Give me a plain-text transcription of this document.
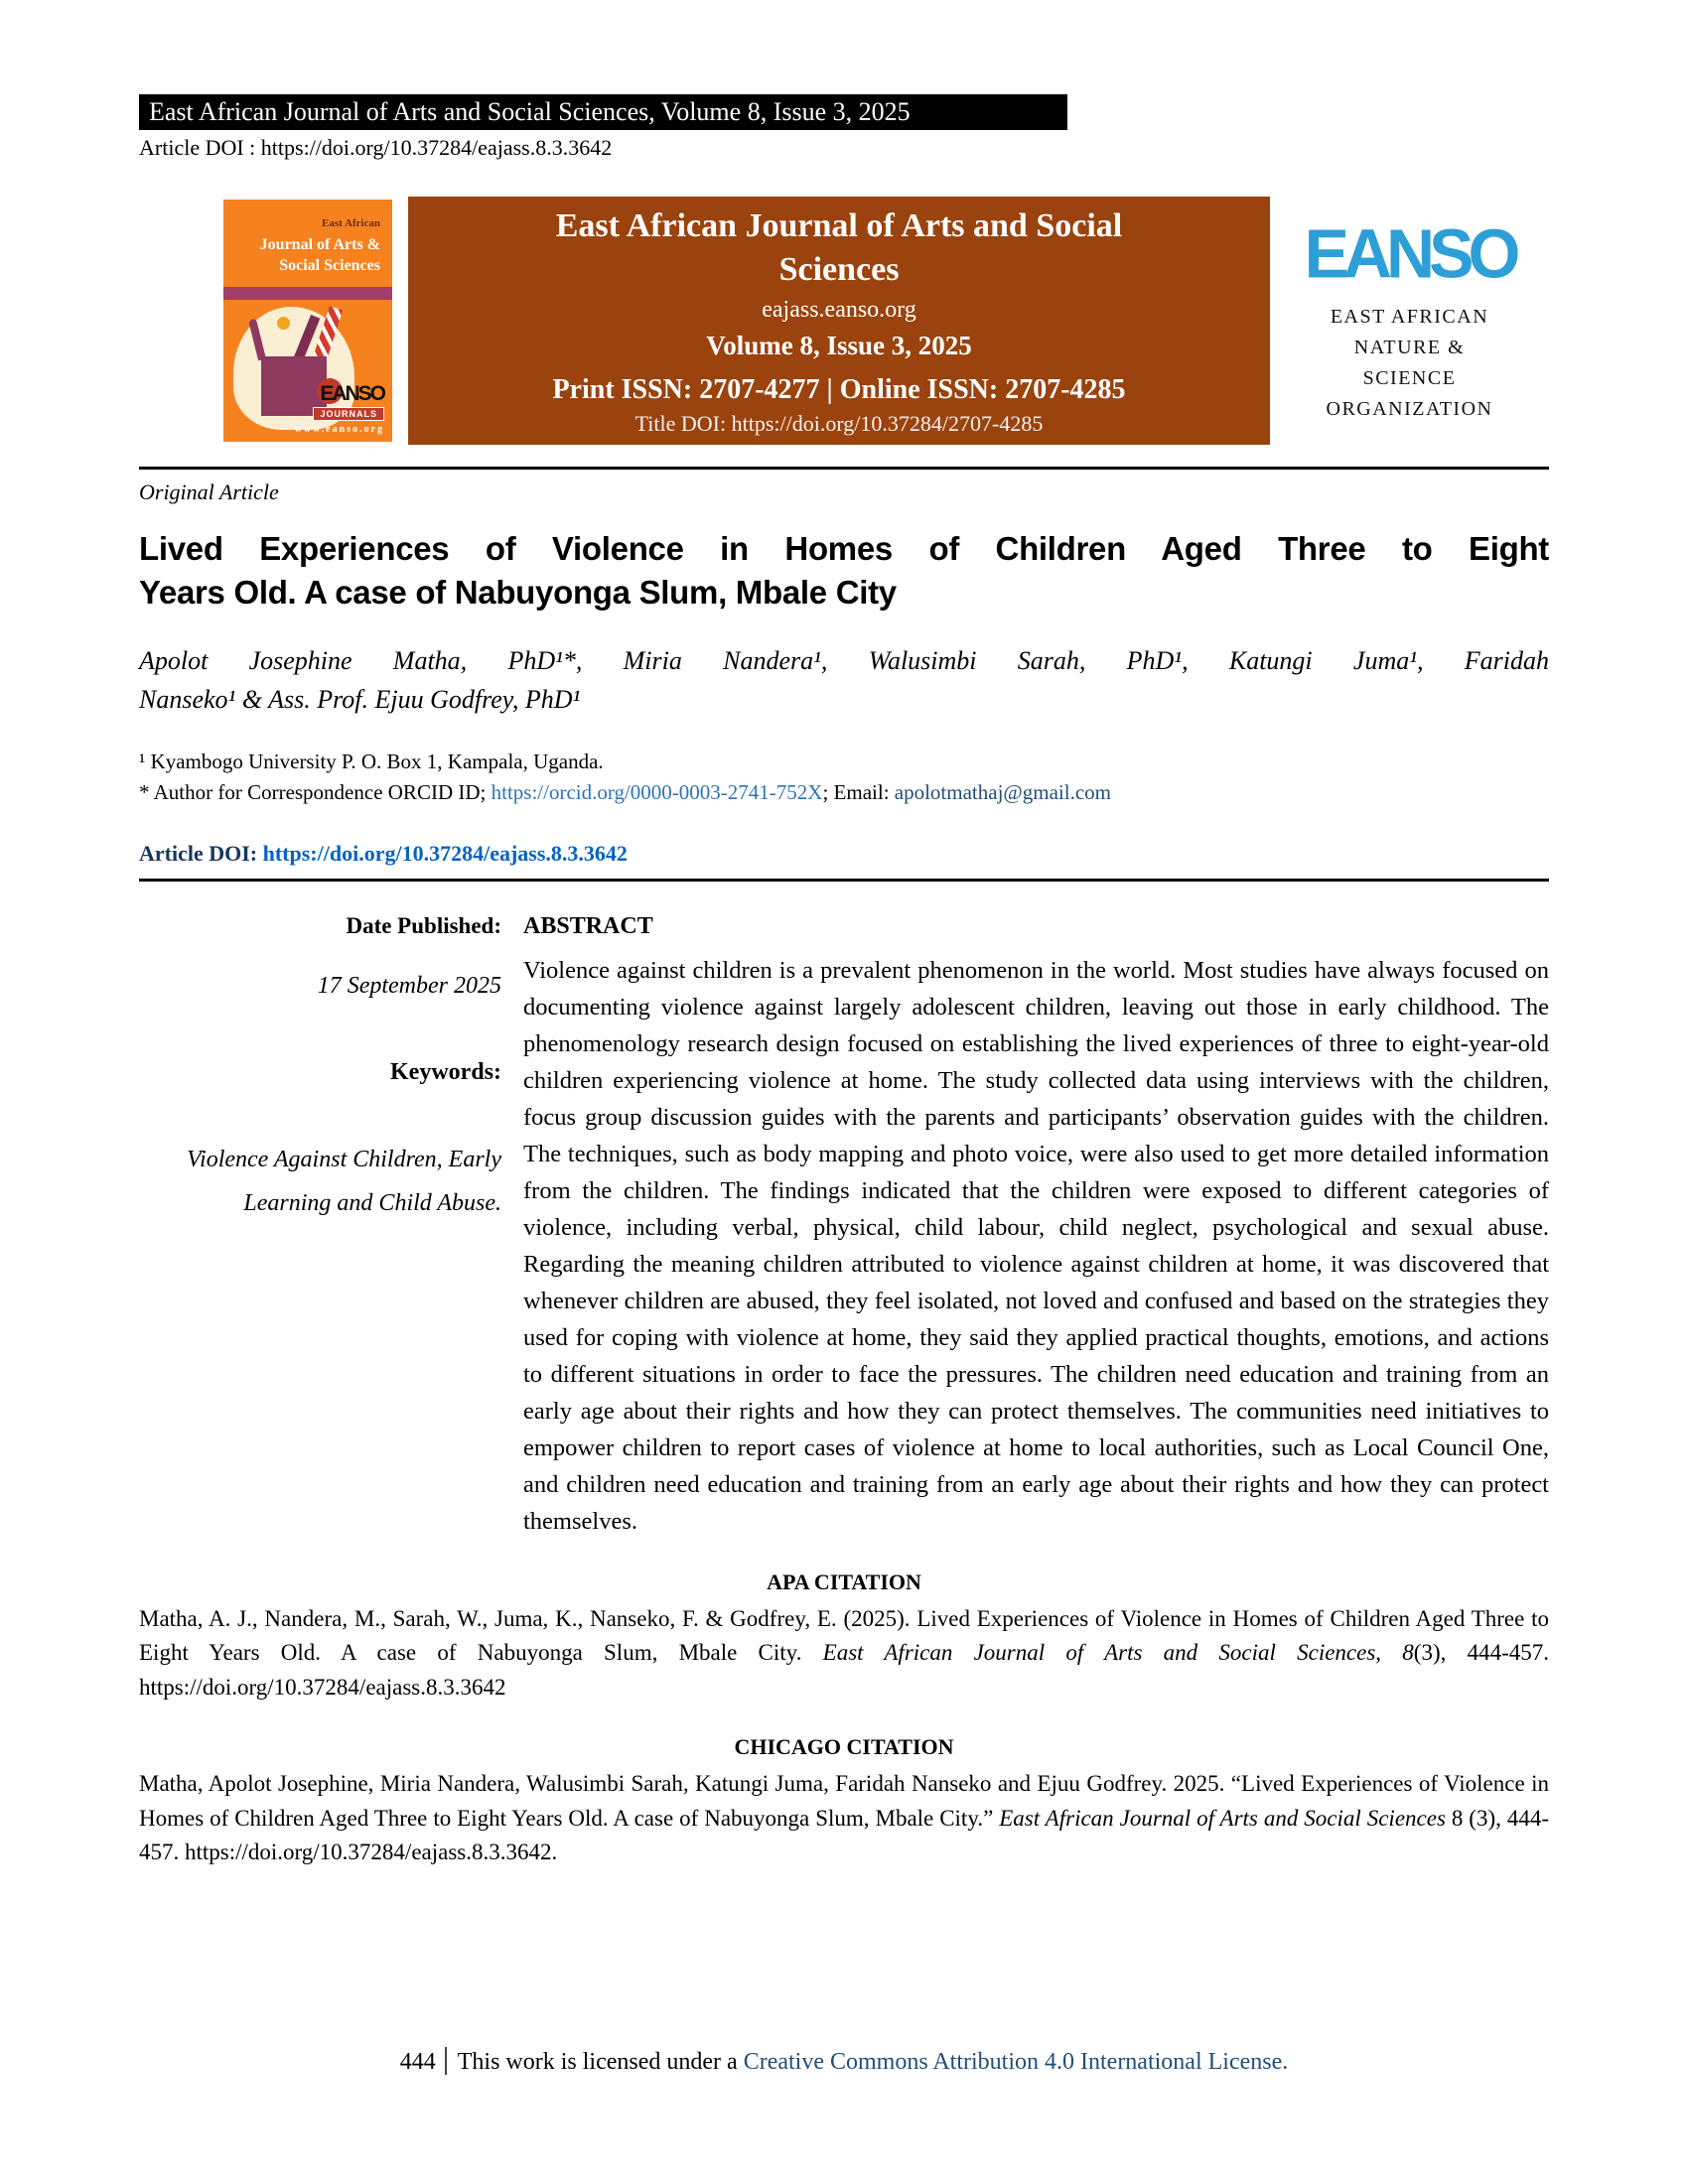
East African Journal of Arts and Social Sciences, Volume 8, Issue 3, 2025
Article DOI : https://doi.org/10.37284/eajass.8.3.3642
East African
Journal of Arts &
Social Sciences
EANSO
JOURNALS
www.eanso.org
East African Journal of Arts and Social
Sciences
eajass.eanso.org
Volume 8, Issue 3, 2025
Print ISSN: 2707-4277 | Online ISSN: 2707-4285
Title DOI: https://doi.org/10.37284/2707-4285
EANSO
EAST AFRICAN
NATURE &
SCIENCE
ORGANIZATION
Original Article
Lived Experiences of Violence in Homes of Children Aged Three to Eight
Years Old. A case of Nabuyonga Slum, Mbale City
Apolot Josephine Matha, PhD¹*, Miria Nandera¹, Walusimbi Sarah, PhD¹, Katungi Juma¹, Faridah
Nanseko¹ & Ass. Prof. Ejuu Godfrey, PhD¹
¹ Kyambogo University P. O. Box 1, Kampala, Uganda.
* Author for Correspondence ORCID ID; https://orcid.org/0000-0003-2741-752X; Email: apolotmathaj@gmail.com
Article DOI: https://doi.org/10.37284/eajass.8.3.3642
Date Published:
17 September 2025
Keywords:
Violence Against Children, Early Learning and Child Abuse.
ABSTRACT

Violence against children is a prevalent phenomenon in the world. Most studies have always focused on documenting violence against largely adolescent children, leaving out those in early childhood. The phenomenology research design focused on establishing the lived experiences of three to eight-year-old children experiencing violence at home. The study collected data using interviews with the children, focus group discussion guides with the parents and participants’ observation guides with the children. The techniques, such as body mapping and photo voice, were also used to get more detailed information from the children. The findings indicated that the children were exposed to different categories of violence, including verbal, physical, child labour, child neglect, psychological and sexual abuse. Regarding the meaning children attributed to violence against children at home, it was discovered that whenever children are abused, they feel isolated, not loved and confused and based on the strategies they used for coping with violence at home, they said they applied practical thoughts, emotions, and actions to different situations in order to face the pressures. The children need education and training from an early age about their rights and how they can protect themselves. The communities need initiatives to empower children to report cases of violence at home to local authorities, such as Local Council One, and children need education and training from an early age about their rights and how they can protect themselves.

APA CITATION

Matha, A. J., Nandera, M., Sarah, W., Juma, K., Nanseko, F. & Godfrey, E. (2025). Lived Experiences of Violence in Homes of Children Aged Three to Eight Years Old. A case of Nabuyonga Slum, Mbale City. East African Journal of Arts and Social Sciences, 8(3), 444-457. https://doi.org/10.37284/eajass.8.3.3642

CHICAGO CITATION

Matha, Apolot Josephine, Miria Nandera, Walusimbi Sarah, Katungi Juma, Faridah Nanseko and Ejuu Godfrey. 2025. “Lived Experiences of Violence in Homes of Children Aged Three to Eight Years Old. A case of Nabuyonga Slum, Mbale City.” East African Journal of Arts and Social Sciences 8 (3), 444-457. https://doi.org/10.37284/eajass.8.3.3642.

444 This work is licensed under a Creative Commons Attribution 4.0 International License.
